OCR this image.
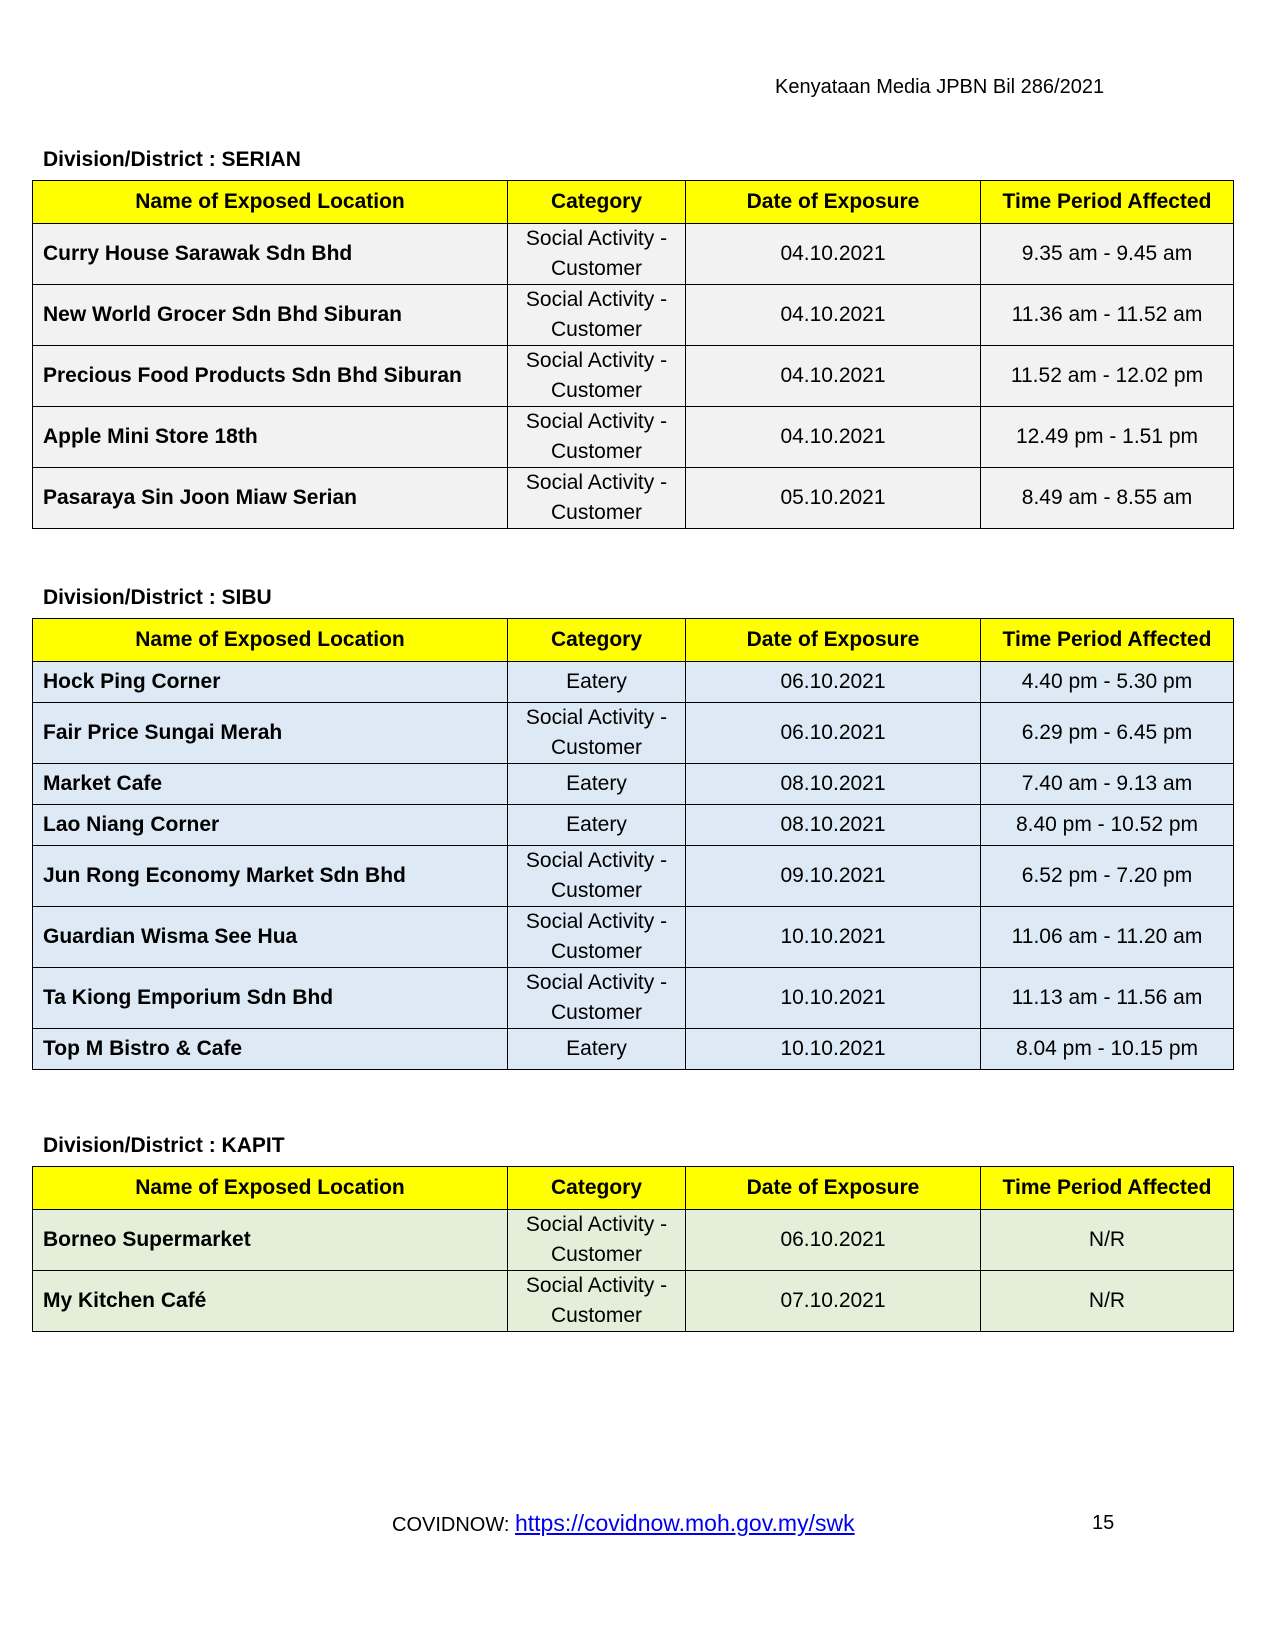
Kenyataan Media JPBN Bil 286/2021
Division/District : SERIAN
Name of Exposed Location	Category	Date of Exposure	Time Period Affected
Curry House Sarawak Sdn Bhd	Social Activity - Customer	04.10.2021	9.35 am - 9.45 am
New World Grocer Sdn Bhd Siburan	Social Activity - Customer	04.10.2021	11.36 am - 11.52 am
Precious Food Products Sdn Bhd Siburan	Social Activity - Customer	04.10.2021	11.52 am - 12.02 pm
Apple Mini Store 18th	Social Activity - Customer	04.10.2021	12.49 pm - 1.51 pm
Pasaraya Sin Joon Miaw Serian	Social Activity - Customer	05.10.2021	8.49 am - 8.55 am
Division/District : SIBU
Name of Exposed Location	Category	Date of Exposure	Time Period Affected
Hock Ping Corner	Eatery	06.10.2021	4.40 pm - 5.30 pm
Fair Price Sungai Merah	Social Activity - Customer	06.10.2021	6.29 pm - 6.45 pm
Market Cafe	Eatery	08.10.2021	7.40 am - 9.13 am
Lao Niang Corner	Eatery	08.10.2021	8.40 pm - 10.52 pm
Jun Rong Economy Market Sdn Bhd	Social Activity - Customer	09.10.2021	6.52 pm - 7.20 pm
Guardian Wisma See Hua	Social Activity - Customer	10.10.2021	11.06 am - 11.20 am
Ta Kiong Emporium Sdn Bhd	Social Activity - Customer	10.10.2021	11.13 am - 11.56 am
Top M Bistro & Cafe	Eatery	10.10.2021	8.04 pm - 10.15 pm
Division/District : KAPIT
Name of Exposed Location	Category	Date of Exposure	Time Period Affected
Borneo Supermarket	Social Activity - Customer	06.10.2021	N/R
My Kitchen Café	Social Activity - Customer	07.10.2021	N/R
COVIDNOW: https://covidnow.moh.gov.my/swk	15
